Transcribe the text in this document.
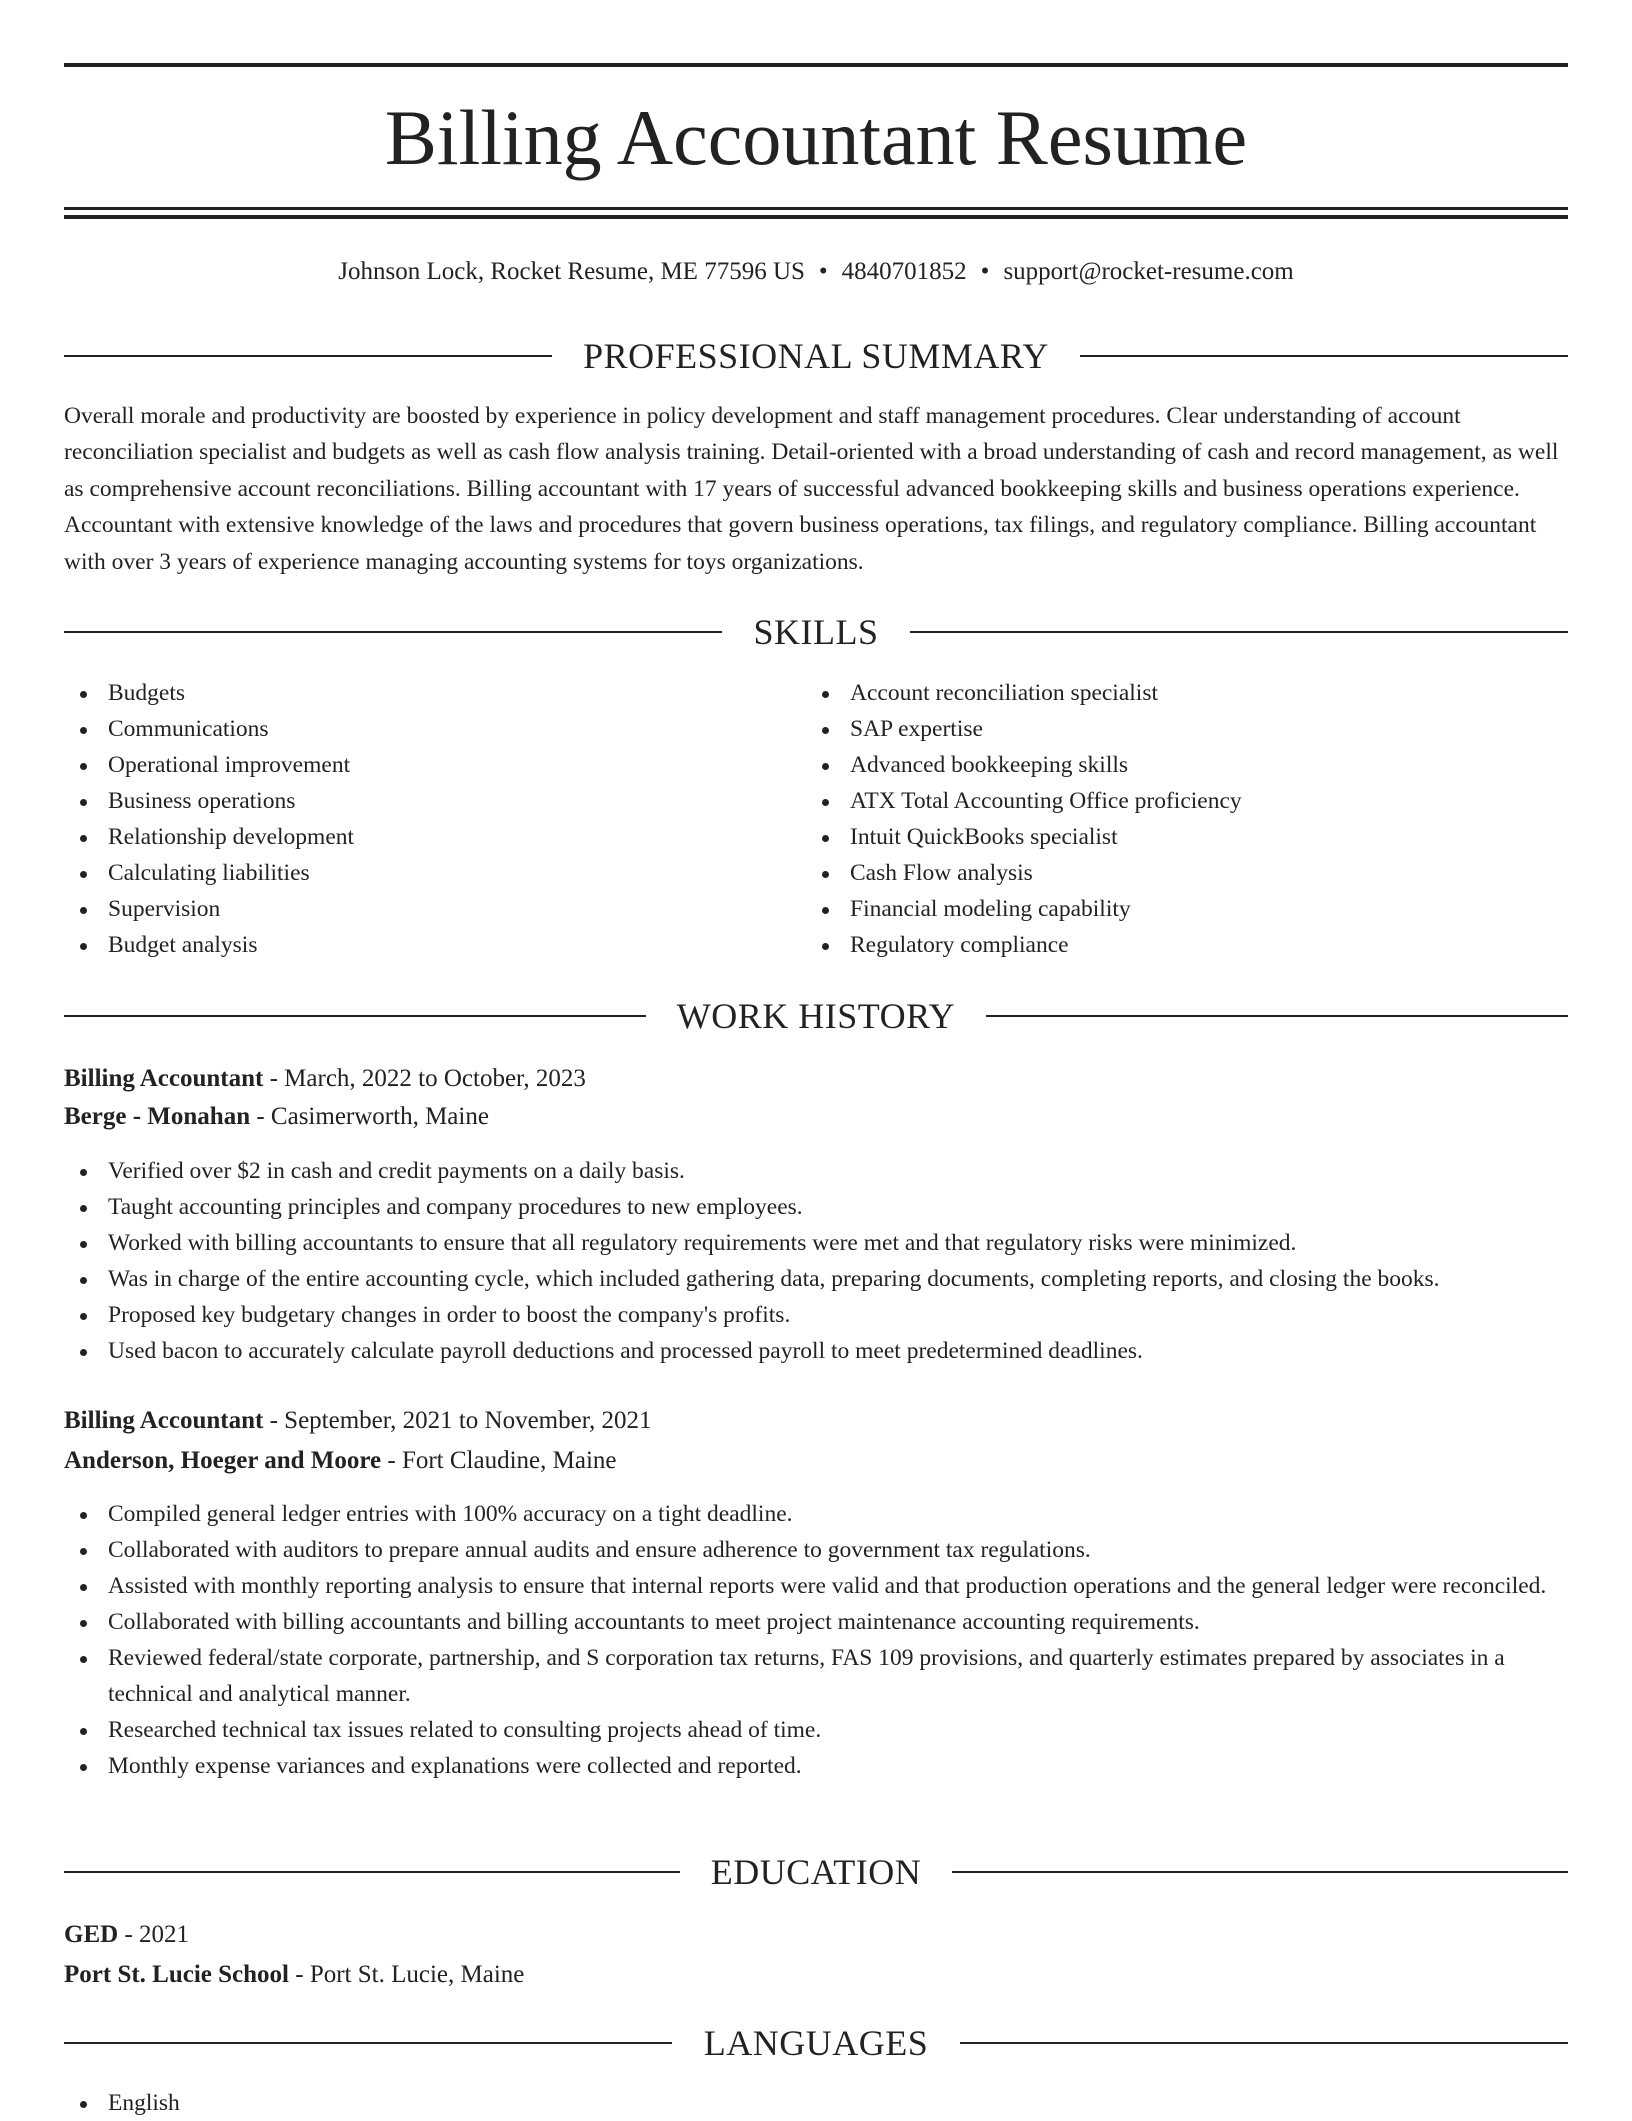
Billing Accountant Resume
Johnson Lock, Rocket Resume, ME 77596 US • 4840701852 • support@rocket-resume.com
PROFESSIONAL SUMMARY

Overall morale and productivity are boosted by experience in policy development and staff management procedures. Clear understanding of account reconciliation specialist and budgets as well as cash flow analysis training. Detail-oriented with a broad understanding of cash and record management, as well as comprehensive account reconciliations. Billing accountant with 17 years of successful advanced bookkeeping skills and business operations experience. Accountant with extensive knowledge of the laws and procedures that govern business operations, tax filings, and regulatory compliance. Billing accountant with over 3 years of experience managing accounting systems for toys organizations.

SKILLS
Budgets
Communications
Operational improvement
Business operations
Relationship development
Calculating liabilities
Supervision
Budget analysis
Account reconciliation specialist
SAP expertise
Advanced bookkeeping skills
ATX Total Accounting Office proficiency
Intuit QuickBooks specialist
Cash Flow analysis
Financial modeling capability
Regulatory compliance
WORK HISTORY
Billing Accountant - March, 2022 to October, 2023
Berge - Monahan - Casimerworth, Maine
Verified over $2 in cash and credit payments on a daily basis.
Taught accounting principles and company procedures to new employees.
Worked with billing accountants to ensure that all regulatory requirements were met and that regulatory risks were minimized.
Was in charge of the entire accounting cycle, which included gathering data, preparing documents, completing reports, and closing the books.
Proposed key budgetary changes in order to boost the company's profits.
Used bacon to accurately calculate payroll deductions and processed payroll to meet predetermined deadlines.
Billing Accountant - September, 2021 to November, 2021
Anderson, Hoeger and Moore - Fort Claudine, Maine
Compiled general ledger entries with 100% accuracy on a tight deadline.
Collaborated with auditors to prepare annual audits and ensure adherence to government tax regulations.
Assisted with monthly reporting analysis to ensure that internal reports were valid and that production operations and the general ledger were reconciled.
Collaborated with billing accountants and billing accountants to meet project maintenance accounting requirements.
Reviewed federal/state corporate, partnership, and S corporation tax returns, FAS 109 provisions, and quarterly estimates prepared by associates in a technical and analytical manner.
Researched technical tax issues related to consulting projects ahead of time.
Monthly expense variances and explanations were collected and reported.
EDUCATION
GED - 2021
Port St. Lucie School - Port St. Lucie, Maine
LANGUAGES
English
